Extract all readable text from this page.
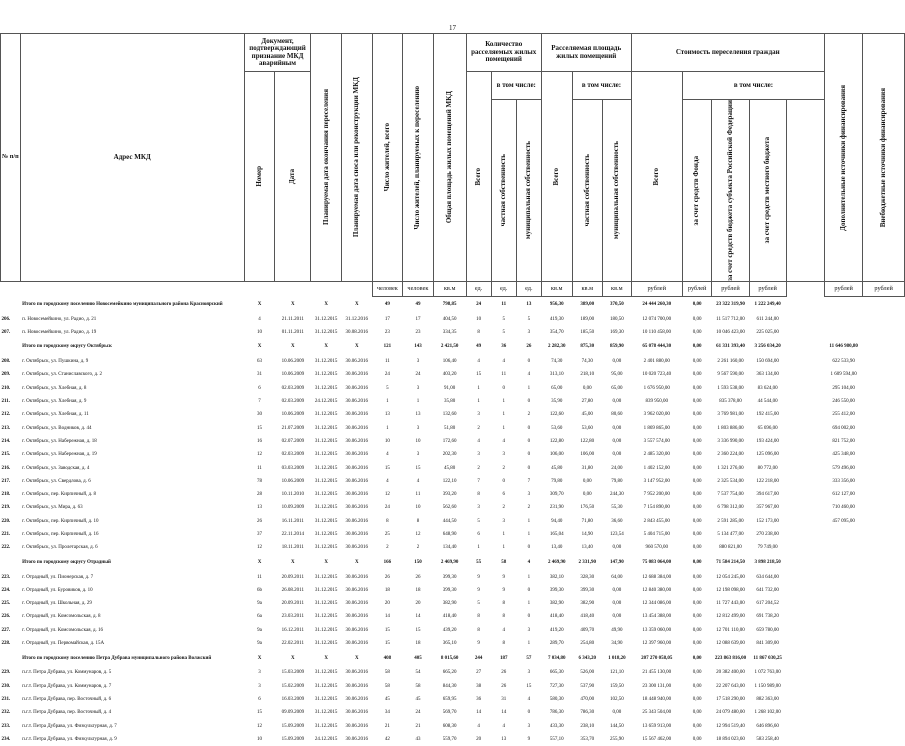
17
№ п/п	Адрес МКД	Документ, подтверждающий признание МКД аварийным		Планируемая дата окончания переселения	Планируемая дата сноса или реконструкции МКД	Число жителей, всего	Число жителей, планируемых к переселению	Общая площадь жилых помещений МКД	Количество расселяемых жилых помещений			Расселяемая площадь жилых помещений			Стоимость переселения граждан					Дополнительные источники финансирования	Внебюджетные источники финансирования

		Номер	Дата						Всего	в том числе:		Всего	в том числе:		Всего	в том числе:					

										частная собственность	муниципальная собственность		частная собственность	муниципальная собственность		за счет средств Фонда	за счет средств бюджета субъекта Российской Федерации	за счет средств местного бюджета			

						человек	человек	кв.м	ед.	ед.	ед.	кв.м	кв.м	кв.м	рублей	рублей	рублей	рублей		рублей	рублей
	Итого по городскому поселению Новосемейкино муниципального района Красноярский	X	X	X	X	49	49	798,85	24	11	13	956,30	389,00	370,50	24 444 260,30	0,00	23 322 319,90	1 222 249,40			
206.	п. Новосемейкино, ул. Радио, д. 21	4	21.11.2011	31.12.2015	31.12.2016	17	17	404,50	10	5	5	419,30	189,00	180,50	12 074 700,00	0,00	11 517 712,00	611 244,00			
207.	п. Новосемейкино, ул. Радио, д. 19	10	01.11.2011	31.12.2015	30.08.2016	23	23	334,35	8	5	3	354,70	185,50	169,30	10 110 458,00	0,00	10 046 423,00	225 025,00			
	Итого по городскому округу Октябрьск	X	X	X	X	121	143	2 421,50	49	36	26	2 282,30	875,30	859,90	65 078 444,30	0,00	61 331 393,40	3 256 034,20		11 646 980,80	
208.	г. Октябрьск, ул. Пушкина, д. 9	63	10.06.2009	31.12.2015	30.06.2016	11	3	106,40	4	4	0	74,30	74,30	0,00	2 401 880,00	0,00	2 261 160,00	150 694,00		622 533,90	
209.	г. Октябрьск, ул. Станиславского, д. 2	31	10.06.2009	31.12.2015	30.06.2016	24	24	403,20	15	11	4	313,10	218,10	95,00	10 020 723,40	0,00	9 567 590,00	363 134,00		1 609 594,00	
210.	г. Октябрьск, ул. Хлебная, д. 8	6	02.03.2009	31.12.2015	30.06.2016	5	3	91,00	1	0	1	65,00	0,00	65,00	1 676 950,00	0,00	1 593 538,00	83 624,00		295 104,00	
211.	г. Октябрьск, ул. Хлебная, д. 9	7	02.03.2009	24.12.2015	30.06.2016	1	1	35,80	1	1	0	35,90	27,80	0,00	839 950,00	0,00	835 378,00	44 544,00		246 550,00	
212.	г. Октябрьск, ул. Хлебная, д. 11	30	10.06.2009	31.12.2015	30.06.2016	13	13	132,60	3	1	2	122,60	45,00	80,60	3 962 020,00	0,00	3 769 981,00	192 415,00		255 412,00	
213.	г. Октябрьск, ул. Водников, д. 44	15	21.07.2009	31.12.2015	30.06.2016	1	3	51,80	2	1	0	53,60	53,60	0,00	1 869 865,00	0,00	1 803 886,00	65 696,00		694 002,00	
214.	г. Октябрьск, ул. Набережная, д. 18	16	02.07.2009	31.12.2015	30.06.2016	10	10	172,60	4	4	0	122,80	122,80	0,00	3 557 574,00	0,00	3 336 990,00	193 424,00		821 752,00	
215.	г. Октябрьск, ул. Набережная, д. 19	12	02.03.2009	31.12.2015	30.06.2016	4	3	202,30	3	3	0	106,00	106,00	0,00	2 485 320,00	0,00	2 360 224,00	125 096,00		425 348,00	
216.	г. Октябрьск, ул. Заводская, д. 4	11	03.03.2009	31.12.2015	30.06.2016	15	15	45,80	2	2	0	45,80	31,80	24,00	1 402 152,00	0,00	1 321 276,00	80 772,00		579 496,00	
217.	г. Октябрьск, ул. Свердлова, д. 6	78	10.06.2009	31.12.2015	30.06.2016	4	4	122,10	7	0	7	79,80	0,00	79,80	3 147 952,00	0,00	2 325 534,00	122 218,00		333 356,00	
218.	г. Октябрьск, пер. Кирпичный, д. 8	28	10.11.2010	31.12.2015	30.06.2016	12	11	393,20	8	6	3	309,70	0,00	244,30	7 952 200,00	0,00	7 537 754,00	394 617,00		612 127,00	
219.	г. Октябрьск, ул. Мира, д. 63	13	10.09.2009	31.12.2015	30.06.2016	24	10	562,60	3	2	2	231,90	176,50	55,30	7 154 890,00	0,00	6 798 312,00	357 967,00		710 460,00	
220.	г. Октябрьск, пер. Кирпичный, д. 10	26	16.11.2011	31.12.2015	30.06.2016	8	8	444,50	5	3	1	94,40	71,80	36,60	2 843 455,00	0,00	2 591 285,00	152 173,00		457 095,00	
221.	г. Октябрьск, пер. Кирпичный, д. 16	37	22.11.2014	31.12.2015	30.06.2016	25	12	648,90	6	1	1	165,04	14,90	123,54	5 404 715,00	0,00	5 134 477,00	270 238,00			
222.	г. Октябрьск, ул. Пролетарская, д. 6	12	18.11.2011	31.12.2015	30.06.2016	2	2	134,40	1	1	0	13,40	13,40	0,00	960 570,00	0,00	880 821,00	79 749,00			
	Итого по городскому округу Отрадный	X	X	X	X	166	150	2 469,90	55	58	4	2 469,90	2 331,90	147,90	75 083 064,00	0,00	71 584 214,50	3 898 218,50			
223.	г. Отрадный, ул. Пионерская, д. 7	11	20.09.2011	31.12.2015	30.06.2016	26	26	399,30	9	9	1	382,10	328,30	64,00	12 688 384,00	0,00	12 054 245,00	634 644,00			
224.	г. Отрадный, ул. Буровиков, д. 10	6b	26.08.2011	31.12.2015	30.06.2016	18	18	399,30	9	9	0	399,30	399,30	0,00	12 840 380,00	0,00	12 198 098,00	641 732,00			
225.	г. Отрадный, ул. Школьная, д. 29	9a	20.09.2011	31.12.2015	30.06.2016	20	20	382,90	5	8	1	382,90	382,90	0,00	12 344 086,00	0,00	11 727 443,00	617 204,52			
226.	г. Отрадный, ул. Комсомольская, д. 8	6a	23.03.2011	31.12.2015	30.06.2016	14	14	418,40	8	8	0	418,40	418,40	0,00	13 454 388,00	0,00	12 812 499,00	691 738,20			
227.	г. Отрадный, ул. Комсомольская, д. 16	9a	16.12.2011	31.12.2015	30.06.2016	15	15	439,20	8	4	3	419,20	409,70	49,90	13 359 060,00	0,00	12 701 110,00	659 780,00			
228.	г. Отрадный, ул. Первомайская, д. 15А	9a	22.02.2011	31.12.2015	30.06.2016	15	18	365,10	9	8	1	289,70	254,80	34,90	12 397 960,00	0,00	12 088 639,00	841 309,00			
	Итого по городскому поселению Петра Дубрава муниципального района Волжский	X	X	X	X	408	405	8 015,60	244	187	57	7 034,80	6 343,20	1 018,20	207 270 058,05	0,00	223 863 816,00	11 867 030,25			
229.	п.г.т. Петра Дубрава, ул. Коммунаров, д. 5	3	15.03.2009	31.12.2015	30.06.2016	58	54	665,20	27	26	3	665,30	526,00	121,10	21 455 130,00	0,00	20 382 400,00	1 072 763,00			
230.	п.г.т. Петра Дубрава, ул. Коммунаров, д. 7	3	15.02.2009	31.12.2015	30.06.2016	58	58	844,30	38	26	15	727,30	537,90	159,50	23 300 131,00	0,00	22 207 643,00	1 150 989,00			
231.	п.г.т. Петра Дубрава, пер. Восточный, д. 6	6	16.03.2009	31.12.2015	30.06.2016	45	45	659,95	36	31	4	580,30	470,00	102,50	18 448 940,00	0,00	17 518 290,00	882 363,00			
232.	п.г.т. Петра Дубрава, пер. Восточный, д. 4	15	09.09.2009	31.12.2015	30.06.2016	34	24	569,70	14	14	0	786,30	786,30	0,00	25 343 504,00	0,00	24 079 480,00	1 268 102,00			
233.	п.г.т. Петра Дубрава, ул. Физкультурная, д. 7	12	15.09.2009	31.12.2015	30.06.2016	21	21	608,30	4	4	3	433,30	238,10	144,50	13 659 913,00	0,00	12 994 519,40	646 896,60			
234.	п.г.т. Петра Дубрава, ул. Физкультурная, д. 9	10	15.09.2009	24.12.2015	30.06.2016	42	43	559,70	20	13	9	557,10	353,70	255,90	15 567 462,00	0,00	18 894 023,60	583 258,40			
